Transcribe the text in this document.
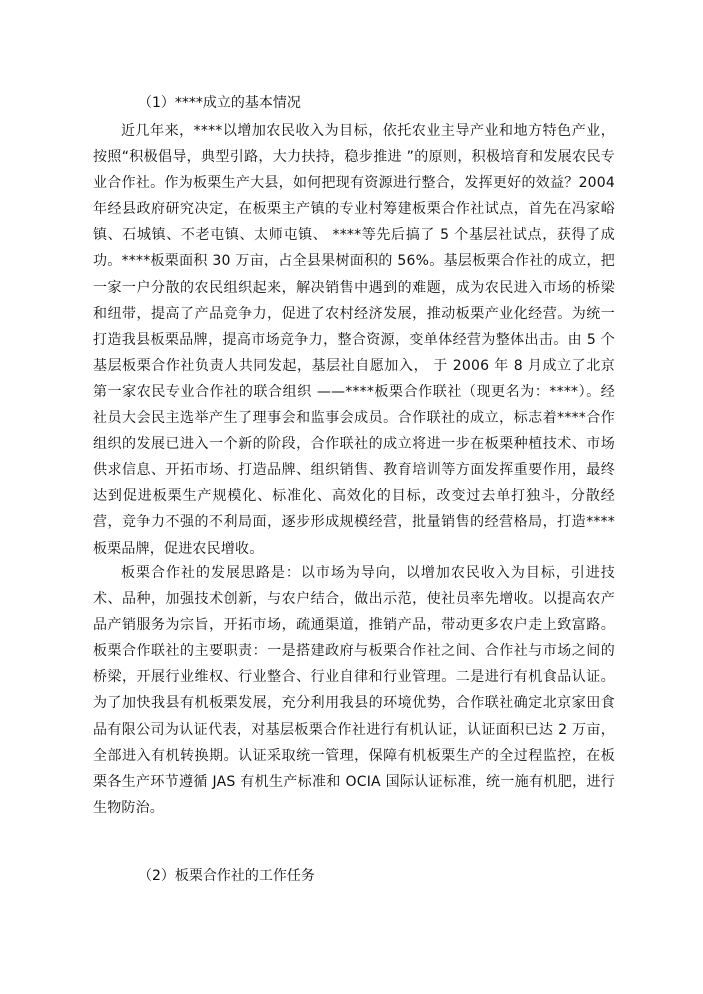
（1）****成立的基本情况

近几年来，****以增加农民收入为目标，依托农业主导产业和地方特色产业，按照“积极倡导，典型引路，大力扶持，稳步推进 ”的原则，积极培育和发展农民专业合作社。作为板栗生产大县，如何把现有资源进行整合，发挥更好的效益？2004 年经县政府研究决定，在板栗主产镇的专业村筹建板栗合作社试点，首先在冯家峪镇、石城镇、不老屯镇、太师屯镇、 ****等先后搞了 5 个基层社试点，获得了成功。****板栗面积 30 万亩，占全县果树面积的 56%。基层板栗合作社的成立，把一家一户分散的农民组织起来，解决销售中遇到的难题，成为农民进入市场的桥梁和纽带，提高了产品竞争力，促进了农村经济发展，推动板栗产业化经营。为统一打造我县板栗品牌，提高市场竞争力，整合资源，变单体经营为整体出击。由 5 个基层板栗合作社负责人共同发起，基层社自愿加入， 于 2006 年 8 月成立了北京第一家农民专业合作社的联合组织 ——****板栗合作联社（现更名为：****）。经社员大会民主选举产生了理事会和监事会成员。合作联社的成立，标志着****合作组织的发展已进入一个新的阶段，合作联社的成立将进一步在板栗种植技术、市场供求信息、开拓市场、打造品牌、组织销售、教育培训等方面发挥重要作用，最终达到促进板栗生产规模化、标准化、高效化的目标，改变过去单打独斗，分散经营，竞争力不强的不利局面，逐步形成规模经营，批量销售的经营格局，打造****板栗品牌，促进农民增收。

板栗合作社的发展思路是：以市场为导向，以增加农民收入为目标，引进技术、品种，加强技术创新，与农户结合，做出示范，使社员率先增收。以提高农产品产销服务为宗旨，开拓市场，疏通渠道，推销产品，带动更多农户走上致富路。板栗合作联社的主要职责：一是搭建政府与板栗合作社之间、合作社与市场之间的桥梁，开展行业维权、行业整合、行业自律和行业管理。二是进行有机食品认证。为了加快我县有机板栗发展，充分利用我县的环境优势，合作联社确定北京家田食品有限公司为认证代表，对基层板栗合作社进行有机认证，认证面积已达 2 万亩，全部进入有机转换期。认证采取统一管理，保障有机板栗生产的全过程监控，在板栗各生产环节遵循 JAS 有机生产标准和 OCIA 国际认证标准，统一施有机肥，进行生物防治。

（2）板栗合作社的工作任务
